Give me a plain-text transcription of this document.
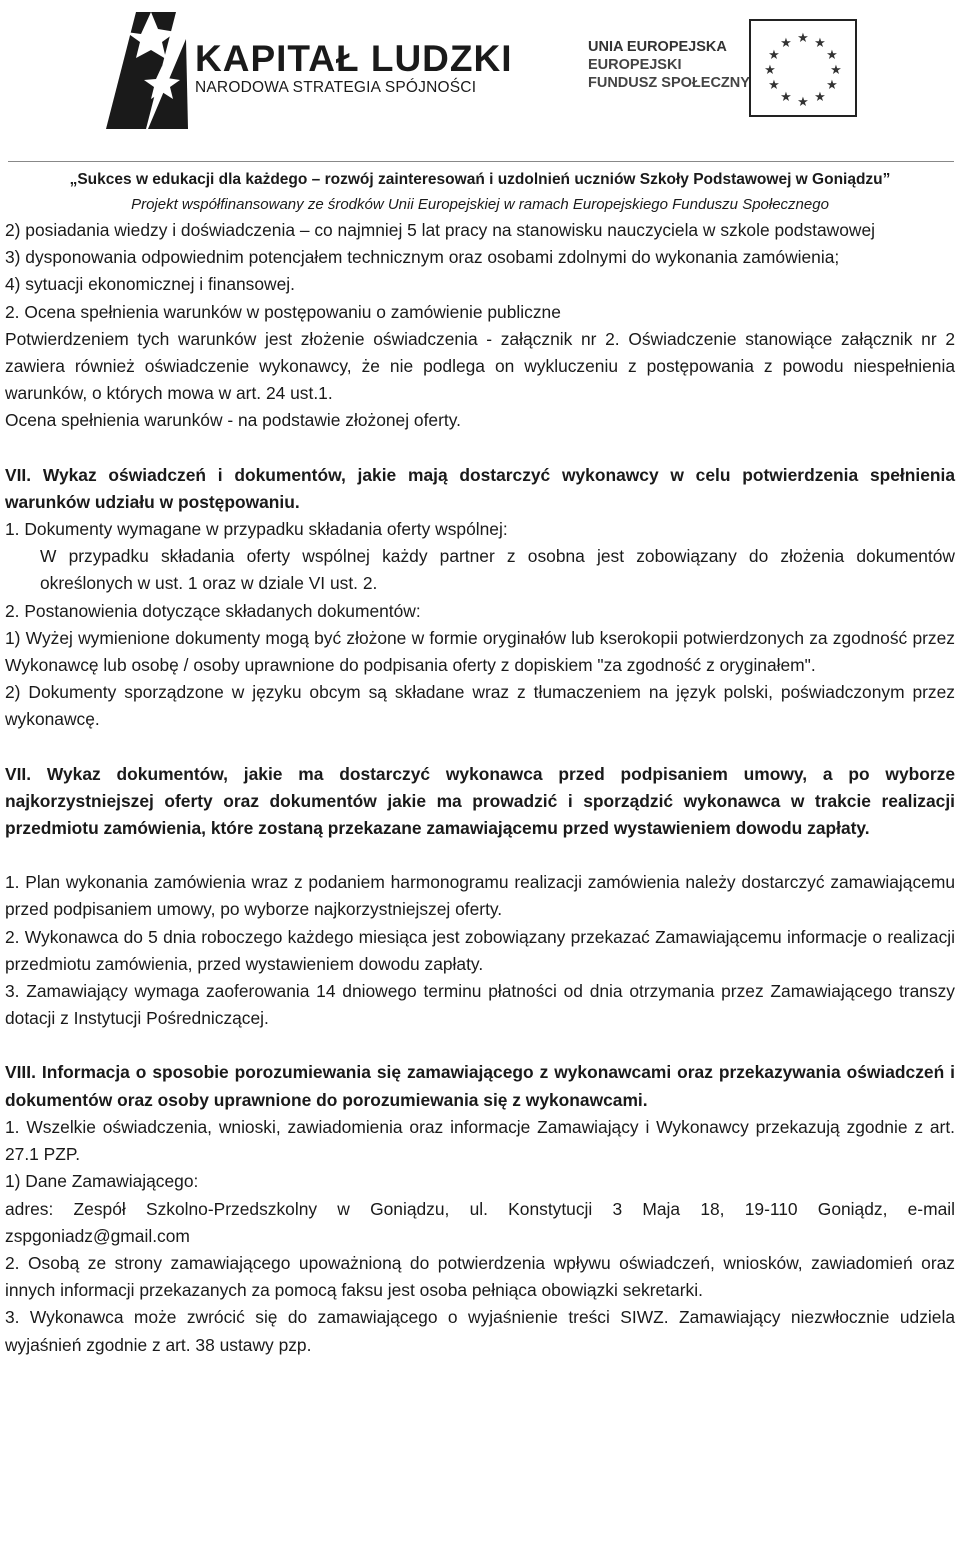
KAPITAŁ LUDZKI
NARODOWA STRATEGIA SPÓJNOŚCI
UNIA EUROPEJSKA
EUROPEJSKI
FUNDUSZ SPOŁECZNY
★ ★
★
★
★
★
★
★
★
★
★
★
„Sukces w edukacji dla każdego – rozwój zainteresowań i uzdolnień uczniów Szkoły Podstawowej w Goniądzu”
Projekt współfinansowany ze środków Unii Europejskiej w ramach Europejskiego Funduszu Społecznego

2) posiadania wiedzy i doświadczenia – co najmniej 5 lat pracy na stanowisku nauczyciela w szkole podstawowej

3) dysponowania odpowiednim potencjałem technicznym oraz osobami zdolnymi do wykonania zamówienia;

4) sytuacji ekonomicznej i finansowej.

2. Ocena spełnienia warunków w postępowaniu o zamówienie publiczne

Potwierdzeniem tych warunków jest złożenie oświadczenia - załącznik nr 2. Oświadczenie stanowiące załącznik nr 2 zawiera również oświadczenie wykonawcy, że nie podlega on wykluczeniu z postępowania z powodu niespełnienia warunków, o których mowa w art. 24 ust.1.

Ocena spełnienia warunków - na podstawie złożonej oferty.

VII. Wykaz oświadczeń i dokumentów, jakie mają dostarczyć wykonawcy w celu potwierdzenia spełnienia warunków udziału w postępowaniu.

1. Dokumenty wymagane w przypadku składania oferty wspólnej:

W przypadku składania oferty wspólnej każdy partner z osobna jest zobowiązany do złożenia dokumentów określonych w ust. 1 oraz w dziale VI ust. 2.

2. Postanowienia dotyczące składanych dokumentów:

1) Wyżej wymienione dokumenty mogą być złożone w formie oryginałów lub kserokopii potwierdzonych za zgodność przez Wykonawcę lub osobę / osoby uprawnione do podpisania oferty z dopiskiem "za zgodność z oryginałem".

2) Dokumenty sporządzone w języku obcym są składane wraz z tłumaczeniem na język polski, poświadczonym przez wykonawcę.

VII. Wykaz dokumentów, jakie ma dostarczyć wykonawca przed podpisaniem umowy, a po wyborze najkorzystniejszej oferty oraz dokumentów jakie ma prowadzić i sporządzić wykonawca w trakcie realizacji przedmiotu zamówienia, które zostaną przekazane zamawiającemu przed wystawieniem dowodu zapłaty.

1. Plan wykonania zamówienia wraz z podaniem harmonogramu realizacji zamówienia należy dostarczyć zamawiającemu przed podpisaniem umowy, po wyborze najkorzystniejszej oferty.

2. Wykonawca do 5 dnia roboczego każdego miesiąca jest zobowiązany przekazać Zamawiającemu informacje o realizacji przedmiotu zamówienia, przed wystawieniem dowodu zapłaty.

3. Zamawiający wymaga zaoferowania 14 dniowego terminu płatności od dnia otrzymania przez Zamawiającego transzy dotacji z Instytucji Pośredniczącej.

VIII. Informacja o sposobie porozumiewania się zamawiającego z wykonawcami oraz przekazywania oświadczeń i dokumentów oraz osoby uprawnione do porozumiewania się z wykonawcami.

1. Wszelkie oświadczenia, wnioski, zawiadomienia oraz informacje Zamawiający i Wykonawcy przekazują zgodnie z art. 27.1 PZP.

1) Dane Zamawiającego:

adres: Zespół Szkolno-Przedszkolny w Goniądzu, ul. Konstytucji 3 Maja 18, 19-110 Goniądz, e-mail zspgoniadz@gmail.com

2. Osobą ze strony zamawiającego upoważnioną do potwierdzenia wpływu oświadczeń, wniosków, zawiadomień oraz innych informacji przekazanych za pomocą faksu jest osoba pełniąca obowiązki sekretarki.

3. Wykonawca może zwrócić się do zamawiającego o wyjaśnienie treści SIWZ. Zamawiający niezwłocznie udziela wyjaśnień zgodnie z art. 38 ustawy pzp.
